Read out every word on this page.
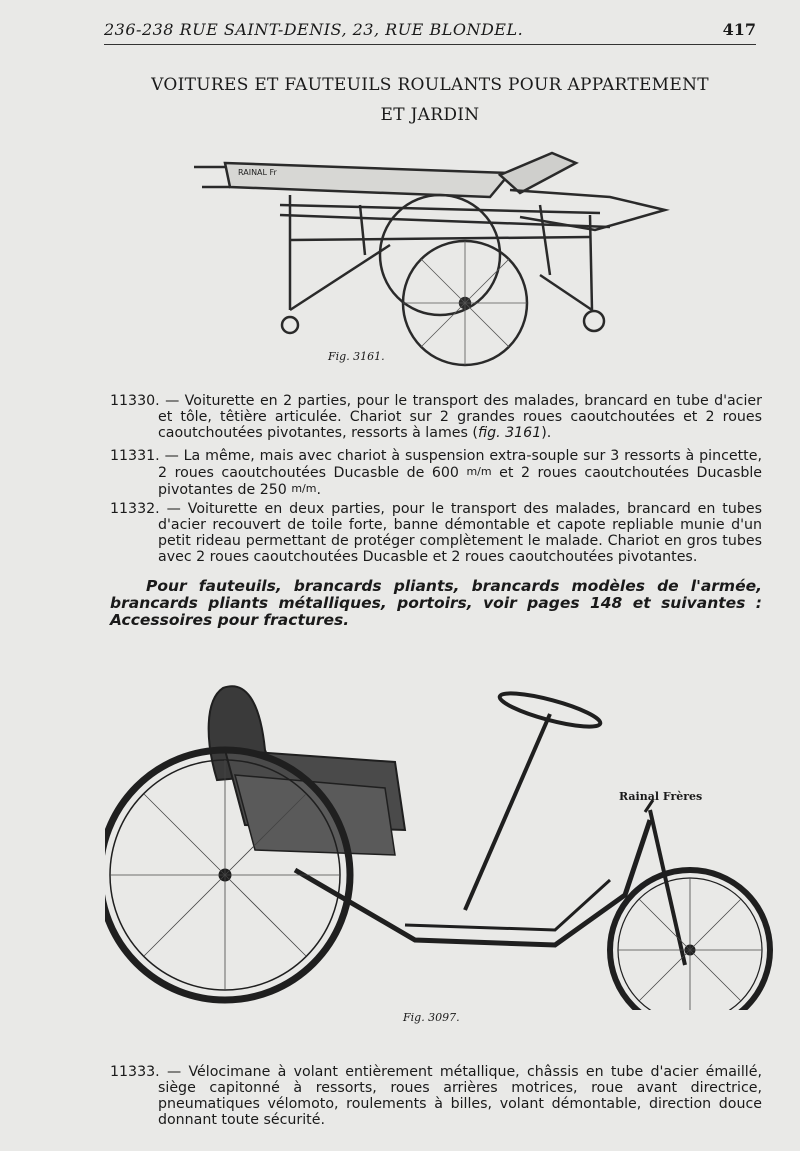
236-238 RUE SAINT-DENIS, 23, RUE BLONDEL.	417
VOITURES ET FAUTEUILS ROULANTS POUR APPARTEMENT
ET JARDIN
RAINAL Fr
Fig. 3161.
11330. — Voiturette en 2 parties, pour le transport des malades, brancard en tube d'acier et tôle, têtière articulée. Chariot sur 2 grandes roues caoutchoutées et 2 roues caoutchoutées pivotantes, ressorts à lames (fig. 3161).
11331. — La même, mais avec chariot à suspension extra-souple sur 3 ressorts à pincette, 2 roues caoutchoutées Ducasble de 600 m/m et 2 roues caoutchoutées Ducasble pivotantes de 250 m/m.
11332. — Voiturette en deux parties, pour le transport des malades, brancard en tubes d'acier recouvert de toile forte, banne démontable et capote repliable munie d'un petit rideau permettant de protéger complètement le malade. Chariot en gros tubes avec 2 roues caoutchoutées Ducasble et 2 roues caoutchoutées pivotantes.
Pour fauteuils, brancards pliants, brancards modèles de l'armée, brancards pliants métalliques, portoirs, voir pages 148 et suivantes : Accessoires pour fractures.
Rainal Frères
Fig. 3097.
11333. — Vélocimane à volant entièrement métallique, châssis en tube d'acier émaillé, siège capitonné à ressorts, roues arrières motrices, roue avant directrice, pneumatiques vélomoto, roulements à billes, volant démontable, direction douce donnant toute sécurité.
